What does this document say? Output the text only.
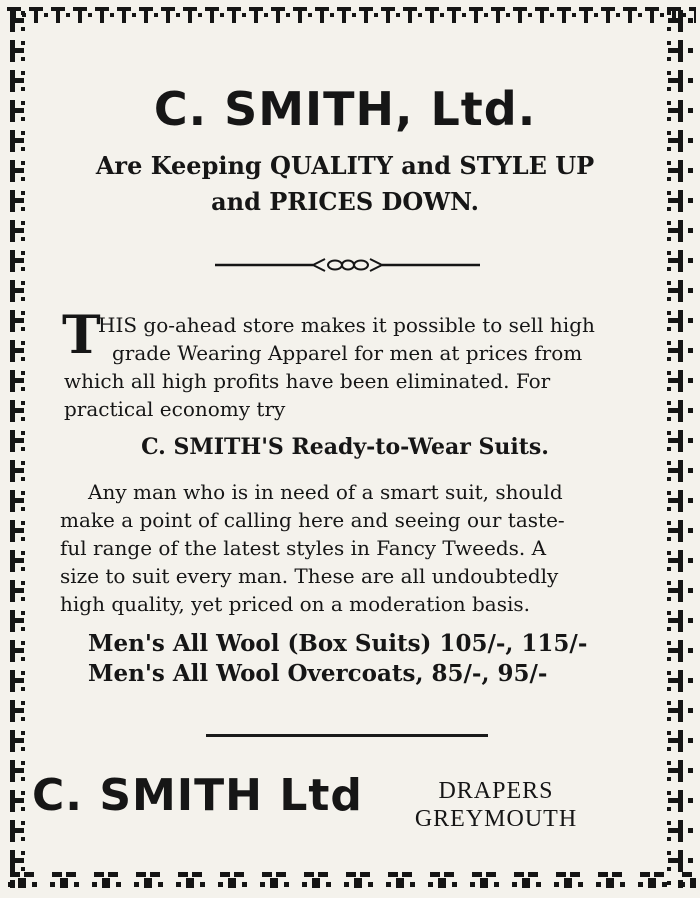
C. SMITH, Ltd.
Are Keeping QUALITY and STYLE UP
and PRICES DOWN.
T
HIS go-ahead store makes it possible to sell high
grade Wearing Apparel for men at prices from
which all high profits have been eliminated. For
practical economy try
C. SMITH'S Ready-to-Wear Suits.
Any man who is in need of a smart suit, should
make a point of calling here and seeing our taste-
ful range of the latest styles in Fancy Tweeds. A
size to suit every man. These are all undoubtedly
high quality, yet priced on a moderation basis.
Men's All Wool (Box Suits) 105/-, 115/-
Men's All Wool Overcoats, 85/-, 95/-
C. SMITH Ltd	DRAPERS
GREYMOUTH
